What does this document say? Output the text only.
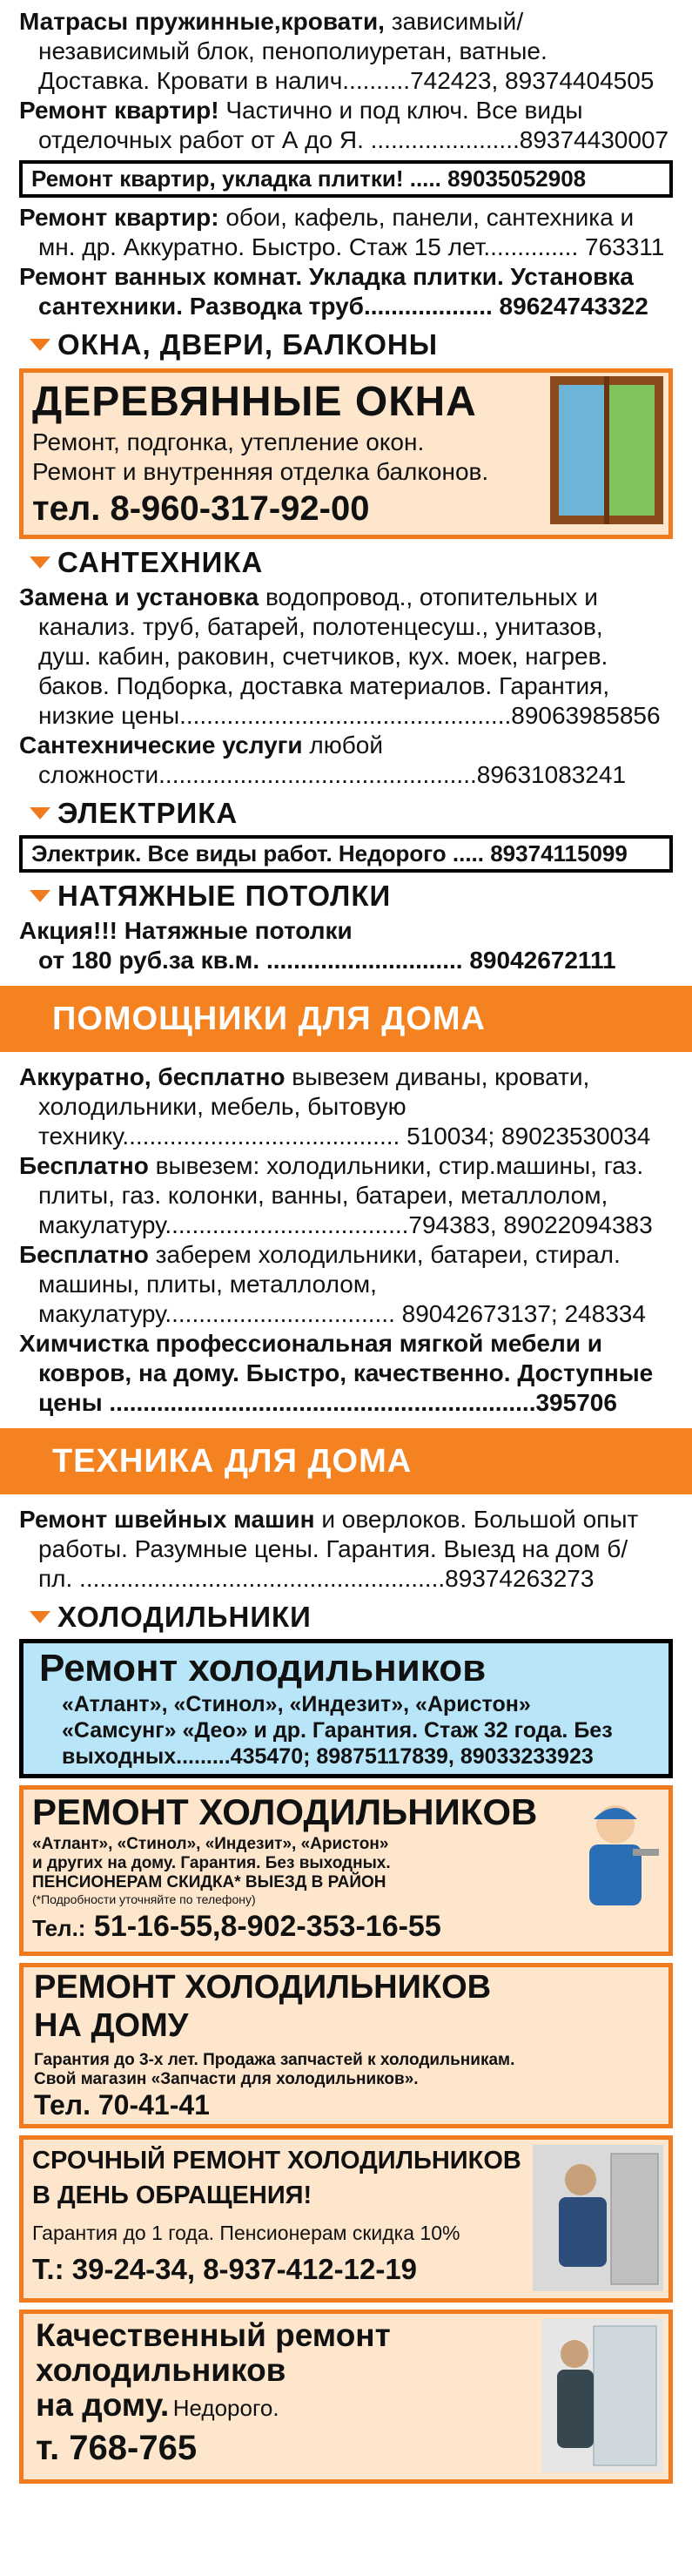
Матрасы пружинные,кровати, зависимый/
независимый блок, пенополиуретан, ватные.
Доставка. Кровати в налич..........742423, 89374404505
Ремонт квартир! Частично и под ключ. Все виды
отделочных работ от А до Я. ......................89374430007
Ремонт квартир, укладка плитки! ..... 89035052908
Ремонт квартир: обои, кафель, панели, сантехника и
мн. др. Аккуратно. Быстро. Стаж 15 лет.............. 763311
Ремонт ванных комнат. Укладка плитки. Установка
сантехники. Разводка труб................... 89624743322
ОКНА, ДВЕРИ, БАЛКОНЫ
ДЕРЕВЯННЫЕ ОКНА
Ремонт, подгонка, утепление окон.
Ремонт и внутренняя отделка балконов.
тел. 8-960-317-92-00
САНТЕХНИКА
Замена и установка водопровод., отопительных и
канализ. труб, батарей, полотенцесуш., унитазов,
душ. кабин, раковин, счетчиков, кух. моек, нагрев.
баков. Подборка, доставка материалов. Гарантия,
низкие цены.................................................89063985856
Сантехнические услуги любой
сложности...............................................89631083241
ЭЛЕКТРИКА
Электрик. Все виды работ. Недорого ..... 89374115099
НАТЯЖНЫЕ ПОТОЛКИ
Акция!!! Натяжные потолки
от 180 руб.за кв.м. ............................. 89042672111
ПОМОЩНИКИ ДЛЯ ДОМА
Аккуратно, бесплатно вывезем диваны, кровати,
холодильники, мебель, бытовую
технику......................................... 510034; 89023530034
Бесплатно вывезем: холодильники, стир.машины, газ.
плиты, газ. колонки, ванны, батареи, металлолом,
макулатуру....................................794383, 89022094383
Бесплатно заберем холодильники, батареи, стирал.
машины, плиты, металлолом,
макулатуру.................................. 89042673137; 248334
Химчистка профессиональная мягкой мебели и
ковров, на дому. Быстро, качественно. Доступные
цены ...............................................................395706
ТЕХНИКА ДЛЯ ДОМА
Ремонт швейных машин и оверлоков. Большой опыт
работы. Разумные цены. Гарантия. Выезд на дом б/
пл. ......................................................89374263273
ХОЛОДИЛЬНИКИ
Ремонт холодильников
«Атлант», «Стинол», «Индезит», «Аристон»
«Самсунг» «Део» и др. Гарантия. Стаж 32 года. Без
выходных.........435470; 89875117839, 89033233923
РЕМОНТ ХОЛОДИЛЬНИКОВ
«Атлант», «Стинол», «Индезит», «Аристон»
и других на дому. Гарантия. Без выходных.
ПЕНСИОНЕРАМ СКИДКА* ВЫЕЗД В РАЙОН
(*Подробности уточняйте по телефону)
Тел.: 51-16-55,8-902-353-16-55
РЕМОНТ ХОЛОДИЛЬНИКОВ
НА ДОМУ
Гарантия до 3-х лет. Продажа запчастей к холодильникам.
Свой магазин «Запчасти для холодильников».
Тел. 70-41-41
СРОЧНЫЙ РЕМОНТ ХОЛОДИЛЬНИКОВ
В ДЕНЬ ОБРАЩЕНИЯ!
Гарантия до 1 года. Пенсионерам скидка 10%
Т.: 39-24-34, 8-937-412-12-19
Качественный ремонт
холодильников
на дому. Недорого.
т. 768-765
